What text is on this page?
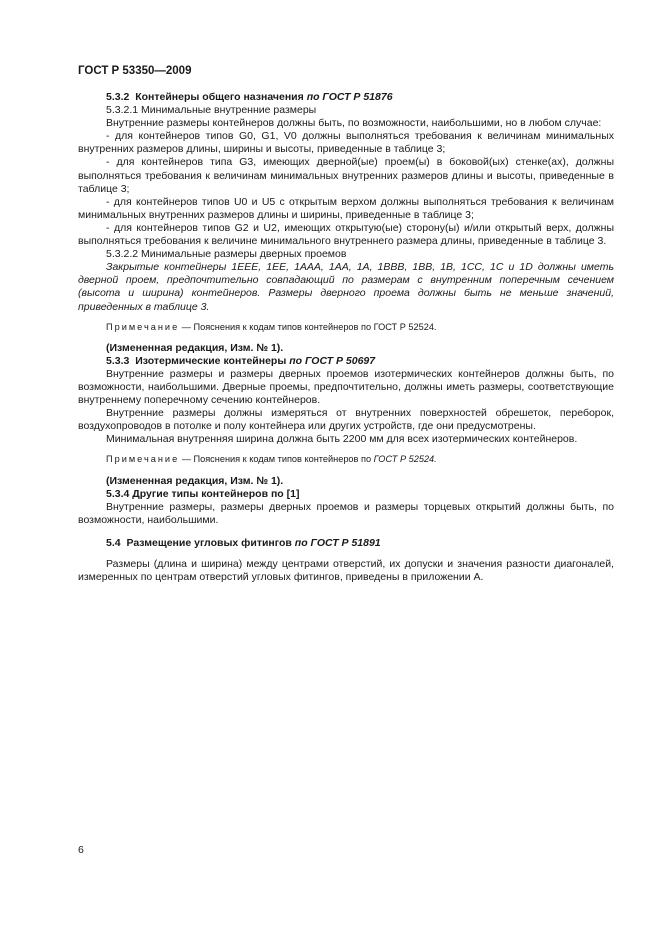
ГОСТ Р 53350—2009

5.3.2 Контейнеры общего назначения по ГОСТ Р 51876

5.3.2.1 Минимальные внутренние размеры

Внутренние размеры контейнеров должны быть, по возможности, наибольшими, но в любом случае:

- для контейнеров типов G0, G1, V0 должны выполняться требования к величинам минимальных внутренних размеров длины, ширины и высоты, приведенные в таблице 3;

- для контейнеров типа G3, имеющих дверной(ые) проем(ы) в боковой(ых) стенке(ах), должны выполняться требования к величинам минимальных внутренних размеров длины и высоты, приведенные в таблице 3;

- для контейнеров типов U0 и U5 с открытым верхом должны выполняться требования к величинам минимальных внутренних размеров длины и ширины, приведенные в таблице 3;

- для контейнеров типов G2 и U2, имеющих открытую(ые) сторону(ы) и/или открытый верх, должны выполняться требования к величине минимального внутреннего размера длины, приведенные в таблице 3.

5.3.2.2 Минимальные размеры дверных проемов

Закрытые контейнеры 1EEE, 1EE, 1AAA, 1AA, 1A, 1BBB, 1BB, 1B, 1CC, 1C и 1D должны иметь дверной проем, предпочтительно совпадающий по размерам с внутренним поперечным сечением (высота и ширина) контейнеров. Размеры дверного проема должны быть не меньше значений, приведенных в таблице 3.

Примечание — Пояснения к кодам типов контейнеров по ГОСТ Р 52524.

(Измененная редакция, Изм. № 1).

5.3.3 Изотермические контейнеры по ГОСТ Р 50697

Внутренние размеры и размеры дверных проемов изотермических контейнеров должны быть, по возможности, наибольшими. Дверные проемы, предпочтительно, должны иметь размеры, соответствующие внутреннему поперечному сечению контейнеров.

Внутренние размеры должны измеряться от внутренних поверхностей обрешеток, переборок, воздухопроводов в потолке и полу контейнера или других устройств, где они предусмотрены.

Минимальная внутренняя ширина должна быть 2200 мм для всех изотермических контейнеров.

Примечание — Пояснения к кодам типов контейнеров по ГОСТ Р 52524.

(Измененная редакция, Изм. № 1).

5.3.4 Другие типы контейнеров по [1]

Внутренние размеры, размеры дверных проемов и размеры торцевых открытий должны быть, по возможности, наибольшими.

5.4 Размещение угловых фитингов по ГОСТ Р 51891

Размеры (длина и ширина) между центрами отверстий, их допуски и значения разности диагоналей, измеренных по центрам отверстий угловых фитингов, приведены в приложении А.

6
